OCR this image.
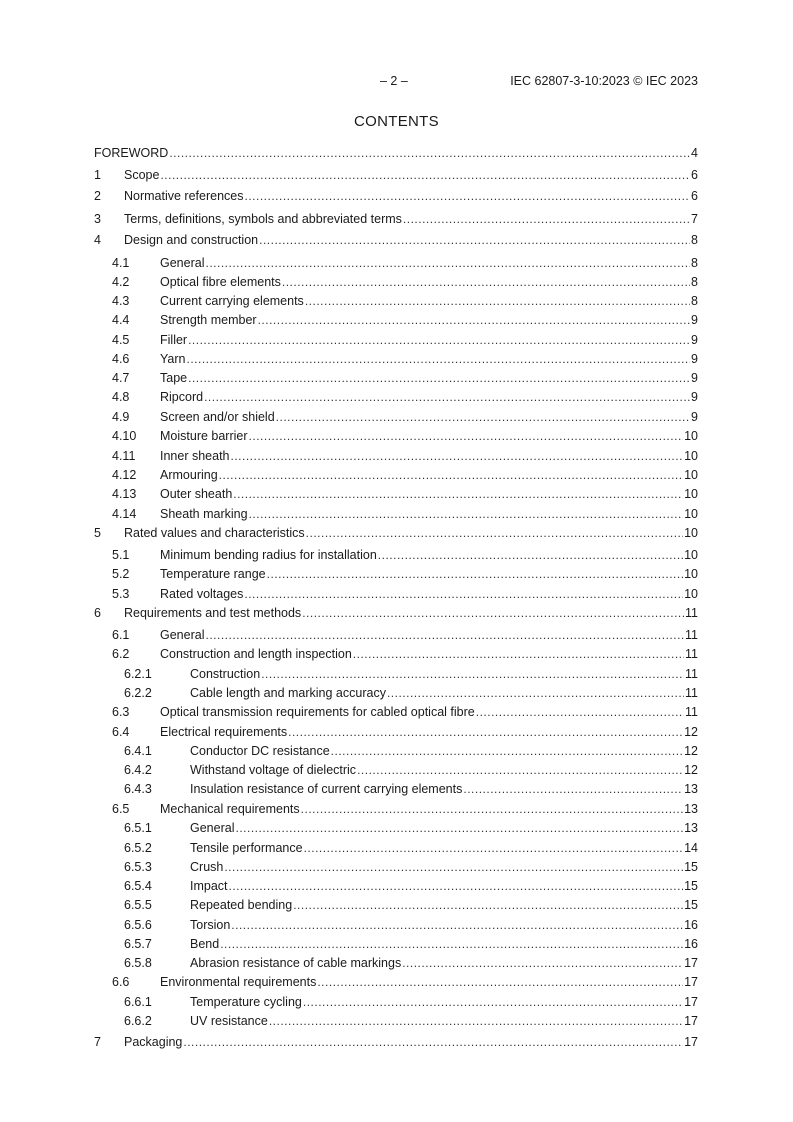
– 2 –	IEC 62807-3-10:2023 © IEC 2023
CONTENTS
FOREWORD .....	4
1	Scope .....	6
2	Normative references .....	6
3	Terms, definitions, symbols and abbreviated terms .....	7
4	Design and construction .....	8
4.1	General .....	8
4.2	Optical fibre elements .....	8
4.3	Current carrying elements .....	8
4.4	Strength member .....	9
4.5	Filler .....	9
4.6	Yarn .....	9
4.7	Tape .....	9
4.8	Ripcord .....	9
4.9	Screen and/or shield .....	9
4.10	Moisture barrier .....	10
4.11	Inner sheath .....	10
4.12	Armouring .....	10
4.13	Outer sheath .....	10
4.14	Sheath marking .....	10
5	Rated values and characteristics .....	10
5.1	Minimum bending radius for installation .....	10
5.2	Temperature range .....	10
5.3	Rated voltages .....	10
6	Requirements and test methods .....	11
6.1	General .....	11
6.2	Construction and length inspection .....	11
6.2.1	Construction .....	11
6.2.2	Cable length and marking accuracy .....	11
6.3	Optical transmission requirements for cabled optical fibre .....	11
6.4	Electrical requirements .....	12
6.4.1	Conductor DC resistance .....	12
6.4.2	Withstand voltage of dielectric .....	12
6.4.3	Insulation resistance of current carrying elements .....	13
6.5	Mechanical requirements .....	13
6.5.1	General .....	13
6.5.2	Tensile performance .....	14
6.5.3	Crush .....	15
6.5.4	Impact .....	15
6.5.5	Repeated bending .....	15
6.5.6	Torsion .....	16
6.5.7	Bend .....	16
6.5.8	Abrasion resistance of cable markings .....	17
6.6	Environmental requirements .....	17
6.6.1	Temperature cycling .....	17
6.6.2	UV resistance .....	17
7	Packaging .....	17
